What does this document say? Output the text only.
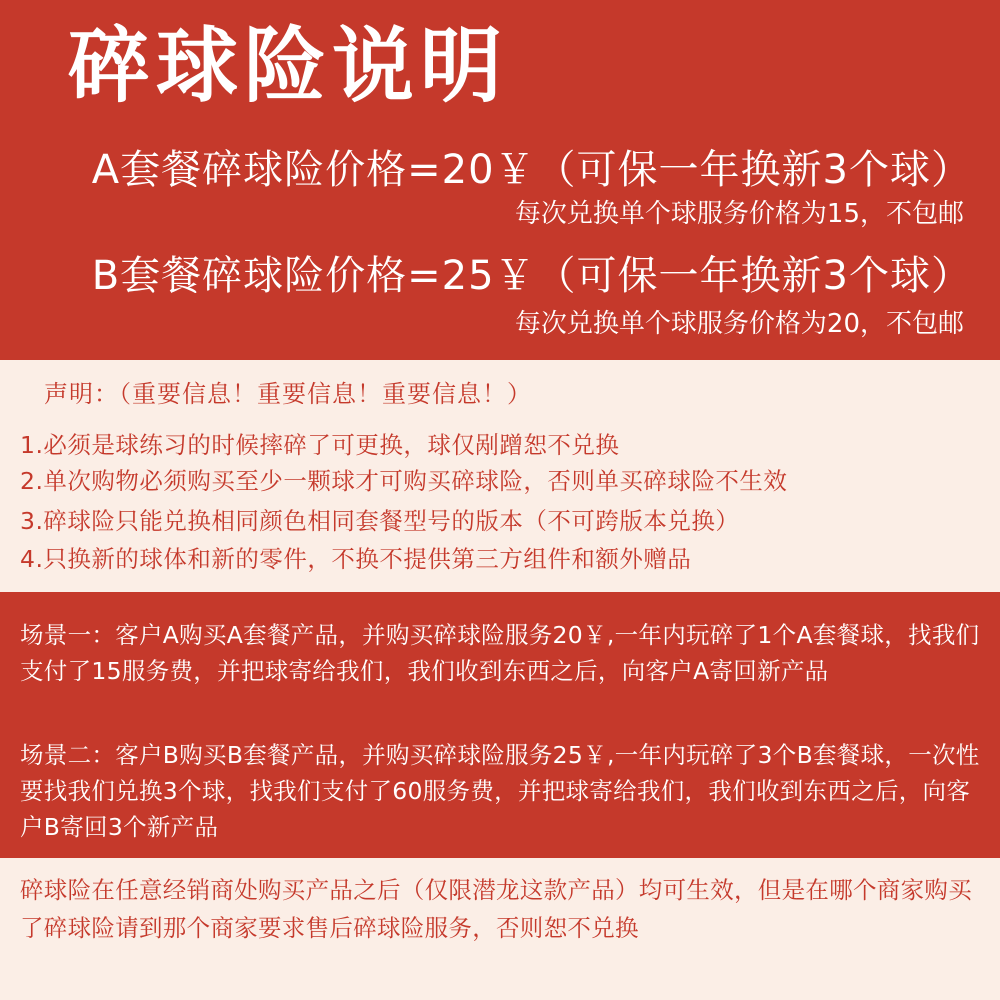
碎球险说明
A套餐碎球险价格=20￥（可保一年换新3个球）
每次兑换单个球服务价格为15，不包邮
B套餐碎球险价格=25￥（可保一年换新3个球）
每次兑换单个球服务价格为20，不包邮
声明：（重要信息！重要信息！重要信息！）
1.必须是球练习的时候摔碎了可更换，球仅剐蹭恕不兑换
2.单次购物必须购买至少一颗球才可购买碎球险，否则单买碎球险不生效
3.碎球险只能兑换相同颜色相同套餐型号的版本（不可跨版本兑换）
4.只换新的球体和新的零件，不换不提供第三方组件和额外赠品
场景一：客户A购买A套餐产品，并购买碎球险服务20￥,一年内玩碎了1个A套餐球，找我们支付了15服务费，并把球寄给我们，我们收到东西之后，向客户A寄回新产品
场景二：客户B购买B套餐产品，并购买碎球险服务25￥,一年内玩碎了3个B套餐球，一次性要找我们兑换3个球，找我们支付了60服务费，并把球寄给我们，我们收到东西之后，向客户B寄回3个新产品
碎球险在任意经销商处购买产品之后（仅限潜龙这款产品）均可生效，但是在哪个商家购买了碎球险请到那个商家要求售后碎球险服务，否则恕不兑换
